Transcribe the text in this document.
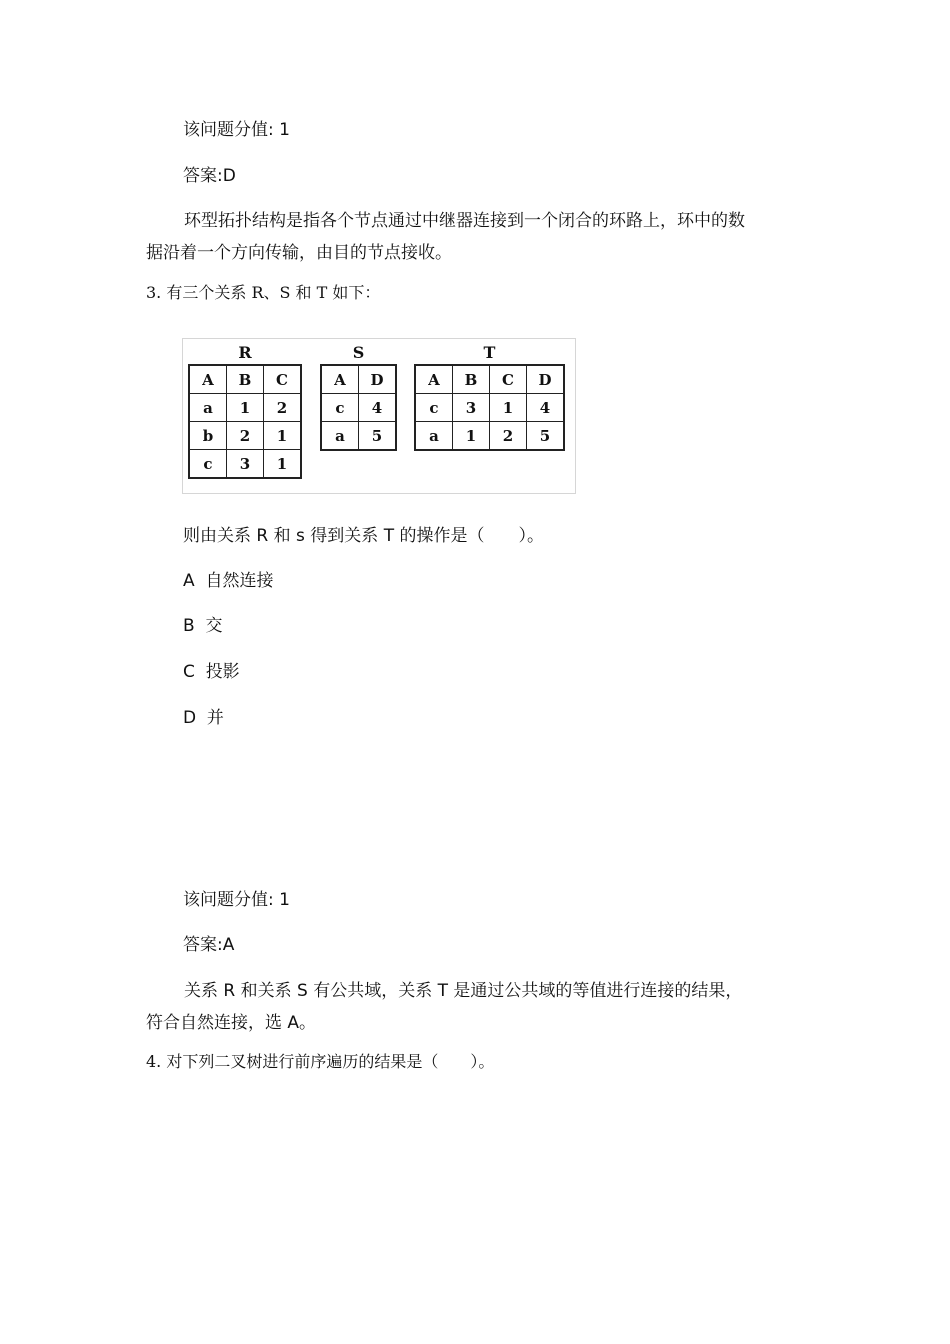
该问题分值: 1
答案:D
环型拓扑结构是指各个节点通过中继器连接到一个闭合的环路上，环中的数
据沿着一个方向传输，由目的节点接收。
3. 有三个关系 R、S 和 T 如下：
R
A	B	C
a	1	2
b	2	1
c	3	1
S
A	D
c	4
a	5
T
A	B	C	D
c	3	1	4
a	1	2	5
则由关系 R 和 s 得到关系 T 的操作是（　　）。
A 自然连接
B 交
C 投影
D 并
该问题分值: 1
答案:A
关系 R 和关系 S 有公共域，关系 T 是通过公共域的等值进行连接的结果，
符合自然连接，选 A。
4. 对下列二叉树进行前序遍历的结果是（　　）。
